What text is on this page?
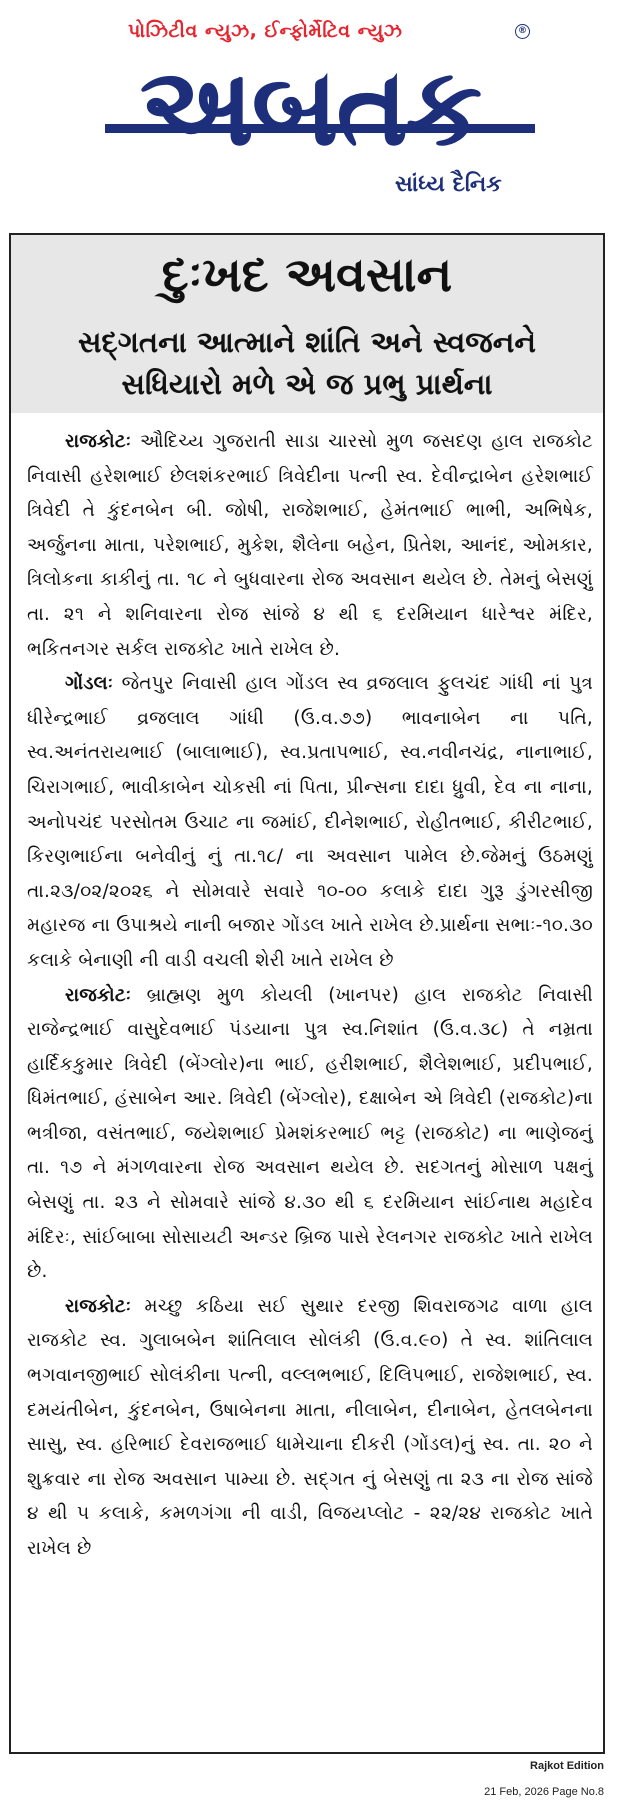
પોઝિટીવ ન્યુઝ, ઈન્ફોર્મેટિવ ન્યુઝ	®
અબતક
સાંધ્ય દૈનિક
દુઃખદ અવસાન
સદ્ગતના આત્માને શાંતિ અને સ્વજનને
સધિયારો મળે એ જ પ્રભુ પ્રાર્થના

રાજકોટઃ ઔદિચ્ય ગુજરાતી સાડા ચારસો મુળ જસદણ હાલ રાજકોટ નિવાસી હરેશભાઈ છેલશંકરભાઈ ત્રિવેદીના પત્ની સ્વ. દેવીન્દ્રાબેન હરેશભાઈ ત્રિવેદી તે કુંદનબેન બી. જોષી, રાજેશભાઈ, હેમંતભાઈ ભાભી, અભિષેક, અર્જુનના માતા, પરેશભાઈ, મુકેશ, શૈલેના બહેન, પ્રિતેશ, આનંદ, ઓમકાર, ત્રિલોકના કાકીનું તા. ૧૮ ને બુધવારના રોજ અવસાન થયેલ છે. તેમનું બેસણું તા. ૨૧ ને શનિવારના રોજ સાંજે ૪ થી ૬ દરમિયાન ધારેશ્વર મંદિર, ભકિતનગર સર્કલ રાજકોટ ખાતે રાખેલ છે.

ગોંડલઃ જેતપુર નિવાસી હાલ ગોંડલ સ્વ વ્રજલાલ ફુલચંદ ગાંધી નાં પુત્ર ધીરેન્દ્રભાઈ વ્રજલાલ ગાંધી (ઉ.વ.૭૭) ભાવનાબેન ના પતિ, સ્વ.અનંતરાયભાઈ (બાલાભાઈ), સ્વ.પ્રતાપભાઈ, સ્વ.નવીનચંદ્ર, નાનાભાઈ, ચિરાગભાઈ, ભાવીકાબેન ચોકસી નાં પિતા, પ્રીન્સના દાદા ધ્રુવી, દેવ ના નાના, અનોપચંદ પરસોતમ ઉચાટ ના જમાંઈ, દીનેશભાઈ, રોહીતભાઈ, કીરીટભાઈ, કિરણભાઈના બનેવીનું નું તા.૧૮/ ના અવસાન પામેલ છે.જેમનું ઉઠમણું તા.૨૩/૦૨/૨૦૨૬ ને સોમવારે સવારે ૧૦-૦૦ કલાકે દાદા ગુરૂ ડુંગરસીજી મહારજ ના ઉપાશ્રયે નાની બજાર ગોંડલ ખાતે રાખેલ છે.પ્રાર્થના સભાઃ-૧૦.૩૦ કલાકે બેનાણી ની વાડી વચલી શેરી ખાતે રાખેલ છે

રાજકોટઃ બ્રાહ્મણ મુળ કોયલી (ખાનપર) હાલ રાજકોટ નિવાસી રાજેન્દ્રભાઈ વાસુદેવભાઈ પંડયાના પુત્ર સ્વ.નિશાંત (ઉ.વ.૩૮) તે નમ્રતા હાર્દિકકુમાર ત્રિવેદી (બેંગ્લોર)ના ભાઈ, હરીશભાઈ, શૈલેશભાઈ, પ્રદીપભાઈ, ધિમંતભાઈ, હંસાબેન આર. ત્રિવેદી (બેંગ્લોર), દક્ષાબેન એ ત્રિવેદી (રાજકોટ)ના ભત્રીજા, વસંતભાઈ, જયેશભાઈ પ્રેમશંકરભાઈ ભટ્ટ (રાજકોટ) ના ભાણેજનું તા. ૧૭ ને મંગળવારના રોજ અવસાન થયેલ છે. સદગતનું મોસાળ પક્ષનું બેસણું તા. ૨૩ ને સોમવારે સાંજે ૪.૩૦ થી ૬ દરમિયાન સાંઈનાથ મહાદેવ મંદિરઃ, સાંઈબાબા સોસાયટી અન્ડર બ્રિજ પાસે રેલનગર રાજકોટ ખાતે રાખેલ છે.

રાજકોટઃ મચ્છુ કઠિયા સઈ સુથાર દરજી શિવરાજગઢ વાળા હાલ રાજકોટ સ્વ. ગુલાબબેન શાંતિલાલ સોલંકી (ઉ.વ.૯૦) તે સ્વ. શાંતિલાલ ભગવાનજીભાઈ સોલંકીના પત્ની, વલ્લભભાઈ, દિલિપભાઈ, રાજેશભાઈ, સ્વ. દમયંતીબેન, કુંદનબેન, ઉષાબેનના માતા, નીલાબેન, દીનાબેન, હેતલબેનના સાસુ, સ્વ. હરિભાઈ દેવરાજભાઈ ધામેચાના દીકરી (ગોંડલ)નું સ્વ. તા. ૨૦ ને શુક્રવાર ના રોજ અવસાન પામ્યા છે. સદ્ગત નું બેસણું તા ૨૩ ના રોજ સાંજે ૪ થી ૫ કલાકે, કમળગંગા ની વાડી, વિજયપ્લોટ - ૨૨/૨૪ રાજકોટ ખાતે રાખેલ છે

Rajkot Edition
21 Feb, 2026 Page No.8
